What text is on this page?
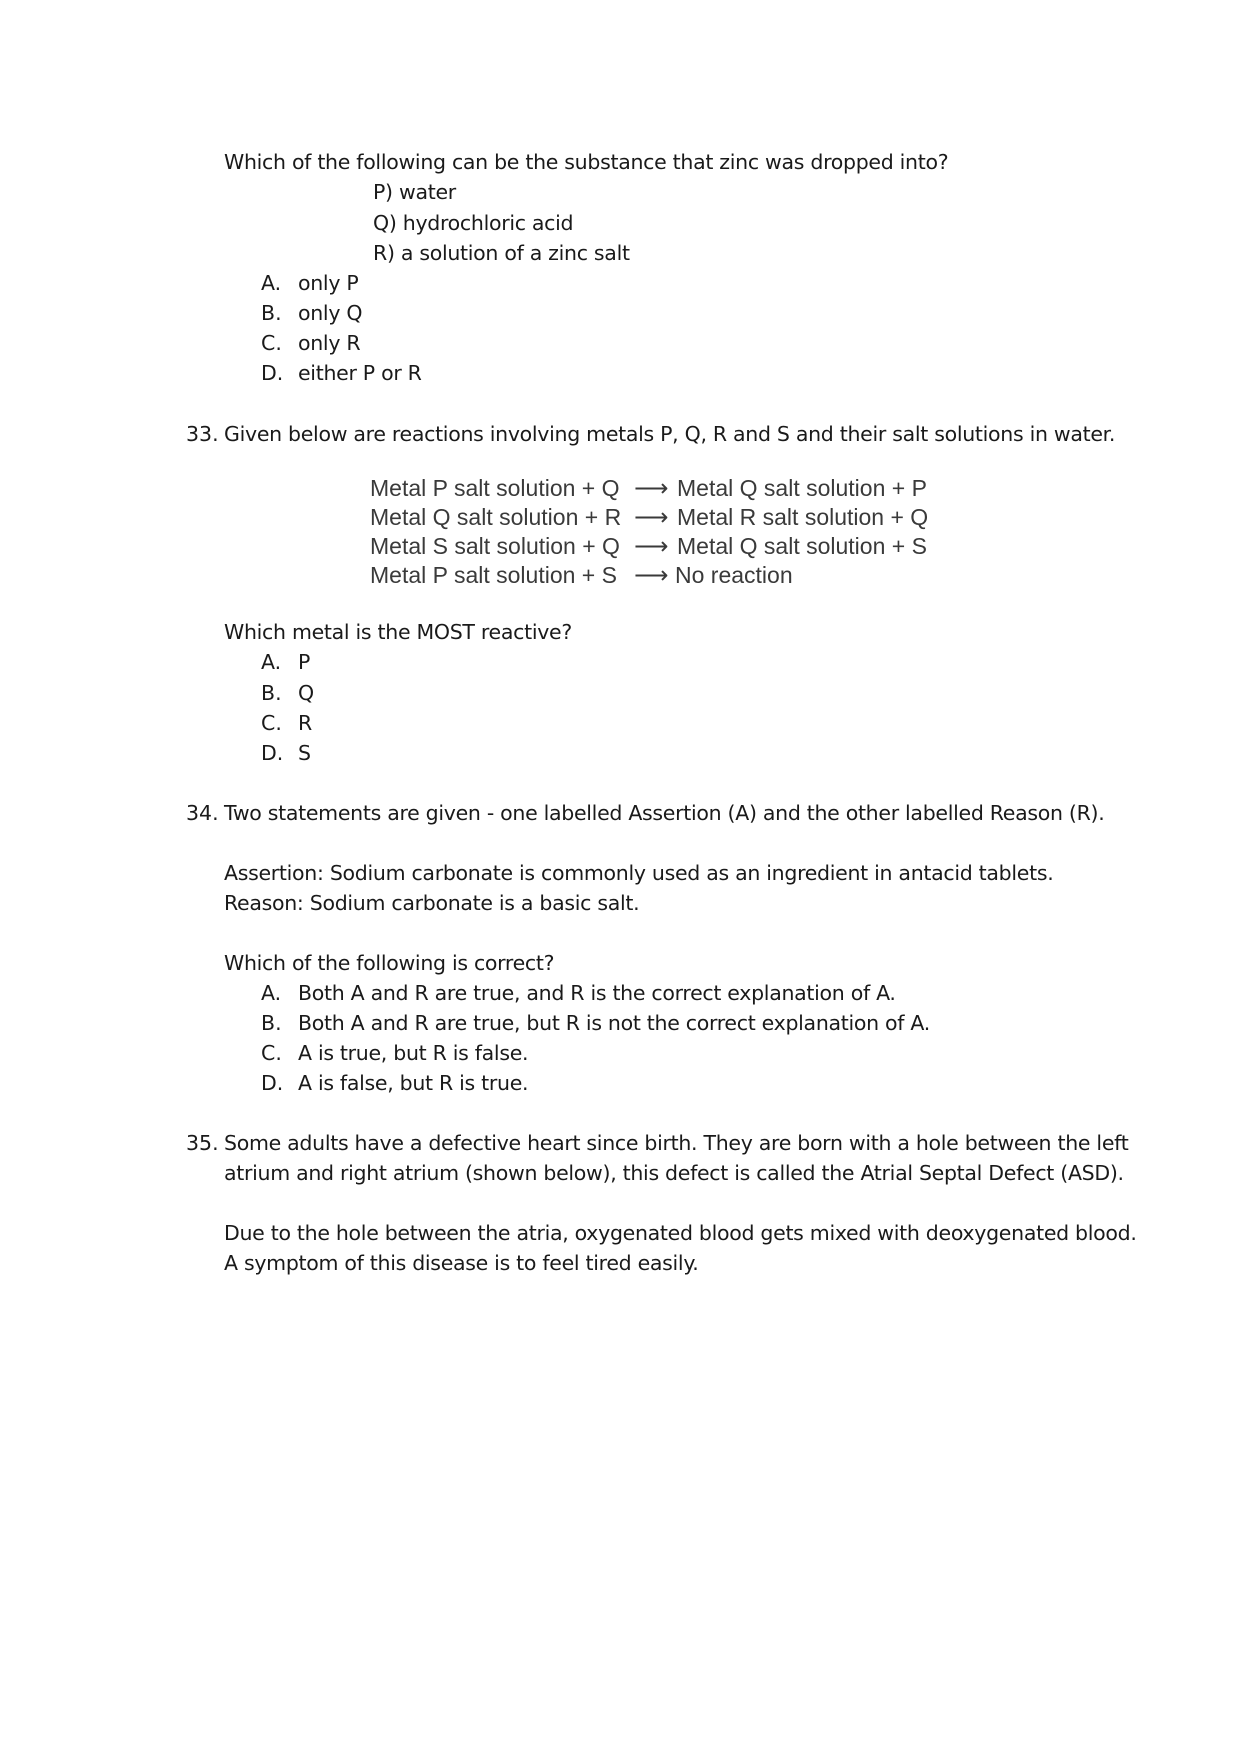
Which of the following can be the substance that zinc was dropped into?
P) water
Q) hydrochloric acid
R) a solution of a zinc salt
A. only P
B. only Q
C. only R
D. either P or R
33. Given below are reactions involving metals P, Q, R and S and their salt solutions in water.
Metal P salt solution + Q ⟶ Metal Q salt solution + P
Metal Q salt solution + R ⟶ Metal R salt solution + Q
Metal S salt solution + Q ⟶ Metal Q salt solution + S
Metal P salt solution + S ⟶ No reaction
Which metal is the MOST reactive?
A. P
B. Q
C. R
D. S
34. Two statements are given - one labelled Assertion (A) and the other labelled Reason (R).
Assertion: Sodium carbonate is commonly used as an ingredient in antacid tablets.
Reason: Sodium carbonate is a basic salt.
Which of the following is correct?
A. Both A and R are true, and R is the correct explanation of A.
B. Both A and R are true, but R is not the correct explanation of A.
C. A is true, but R is false.
D. A is false, but R is true.
35. Some adults have a defective heart since birth. They are born with a hole between the left
atrium and right atrium (shown below), this defect is called the Atrial Septal Defect (ASD).
Due to the hole between the atria, oxygenated blood gets mixed with deoxygenated blood.
A symptom of this disease is to feel tired easily.
